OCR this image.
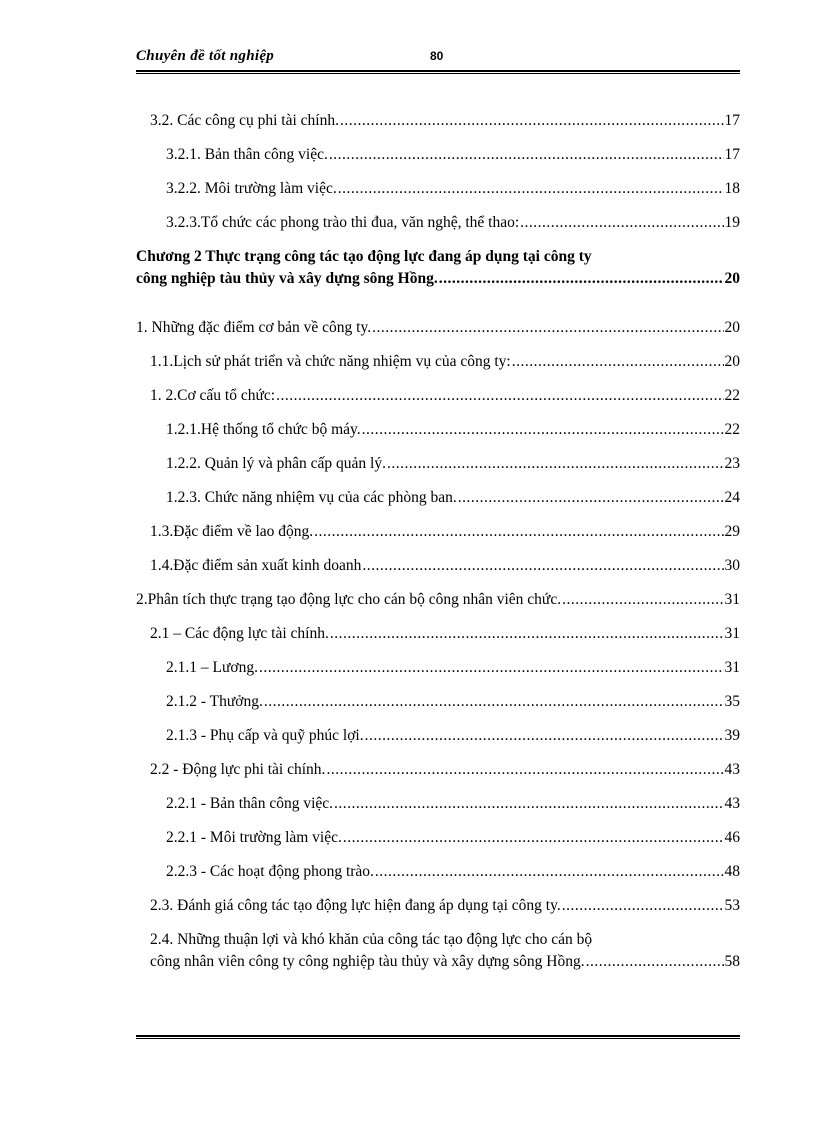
Chuyên đề tốt nghiệp	80
3.2. Các công cụ phi tài chính. .....	17
3.2.1. Bản thân công việc. .....	17
3.2.2. Môi trường làm việc. .....	18
3.2.3.Tổ chức các phong trào thi đua, văn nghệ, thể thao: .....	19
Chương 2 Thực trạng công tác tạo động lực đang áp dụng tại công ty
công nghiệp tàu thủy và xây dựng sông Hồng. .....	20
1. Những đặc điểm cơ bản về công ty. .....	20
1.1.Lịch sử phát triển và chức năng nhiệm vụ của công ty: .....	20
1. 2.Cơ cấu tổ chức: .....	22
1.2.1.Hệ thống tổ chức bộ máy. .....	22
1.2.2. Quản lý và phân cấp quản lý. .....	23
1.2.3. Chức năng nhiệm vụ của các phòng ban. .....	24
1.3.Đặc điểm về lao động. .....	29
1.4.Đặc điểm sản xuất kinh doanh .....	30
2.Phân tích thực trạng tạo động lực cho cán bộ công nhân viên chức. .....	31
2.1 – Các động lực tài chính. .....	31
2.1.1 – Lương. .....	31
2.1.2 - Thưởng. .....	35
2.1.3 - Phụ cấp và quỹ phúc lợi. .....	39
2.2 - Động lực phi tài chính. .....	43
2.2.1 - Bản thân công việc. .....	43
2.2.1 - Môi trường làm việc. .....	46
2.2.3 - Các hoạt động phong trào. .....	48
2.3. Đánh giá công tác tạo động lực hiện đang áp dụng tại công ty. .....	53
2.4. Những thuận lợi và khó khăn của công tác tạo động lực cho cán bộ
công nhân viên công ty công nghiệp tàu thủy và xây dựng sông Hồng. .....	58
